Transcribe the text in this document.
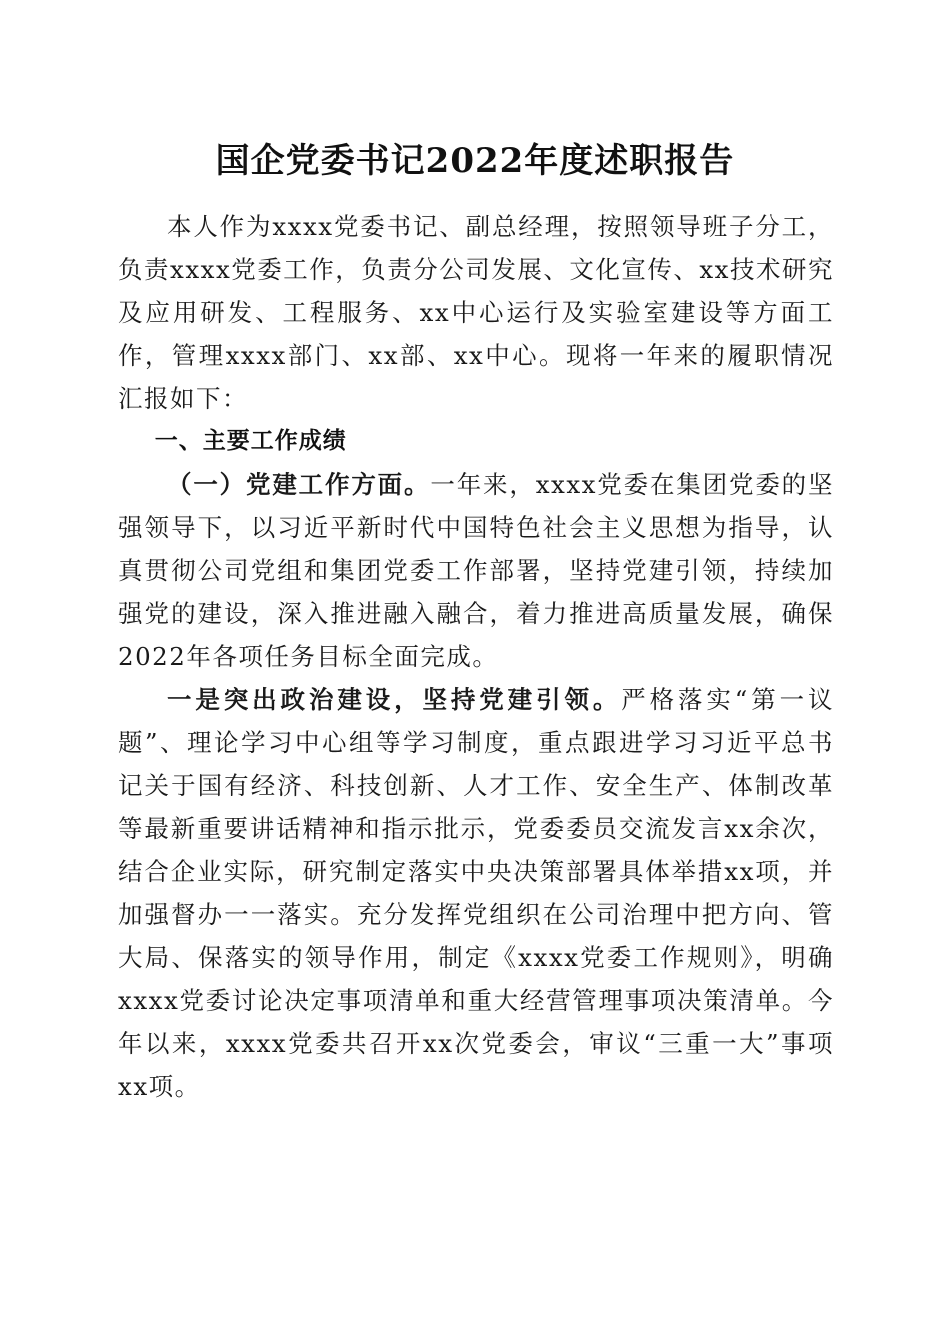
国企党委书记2022年度述职报告

本人作为xxxx党委书记、副总经理，按照领导班子分工，负责xxxx党委工作，负责分公司发展、文化宣传、xx技术研究及应用研发、工程服务、xx中心运行及实验室建设等方面工作，管理xxxx部门、xx部、xx中心。现将一年来的履职情况汇报如下：

一、主要工作成绩

（一）党建工作方面。一年来，xxxx党委在集团党委的坚强领导下，以习近平新时代中国特色社会主义思想为指导，认真贯彻公司党组和集团党委工作部署，坚持党建引领，持续加强党的建设，深入推进融入融合，着力推进高质量发展，确保2022年各项任务目标全面完成。

一是突出政治建设，坚持党建引领。严格落实“第一议题”、理论学习中心组等学习制度，重点跟进学习习近平总书记关于国有经济、科技创新、人才工作、安全生产、体制改革等最新重要讲话精神和指示批示，党委委员交流发言xx余次，结合企业实际，研究制定落实中央决策部署具体举措xx项，并加强督办一一落实。充分发挥党组织在公司治理中把方向、管大局、保落实的领导作用，制定《xxxx党委工作规则》，明确xxxx党委讨论决定事项清单和重大经营管理事项决策清单。今年以来，xxxx党委共召开xx次党委会，审议“三重一大”事项xx项。
